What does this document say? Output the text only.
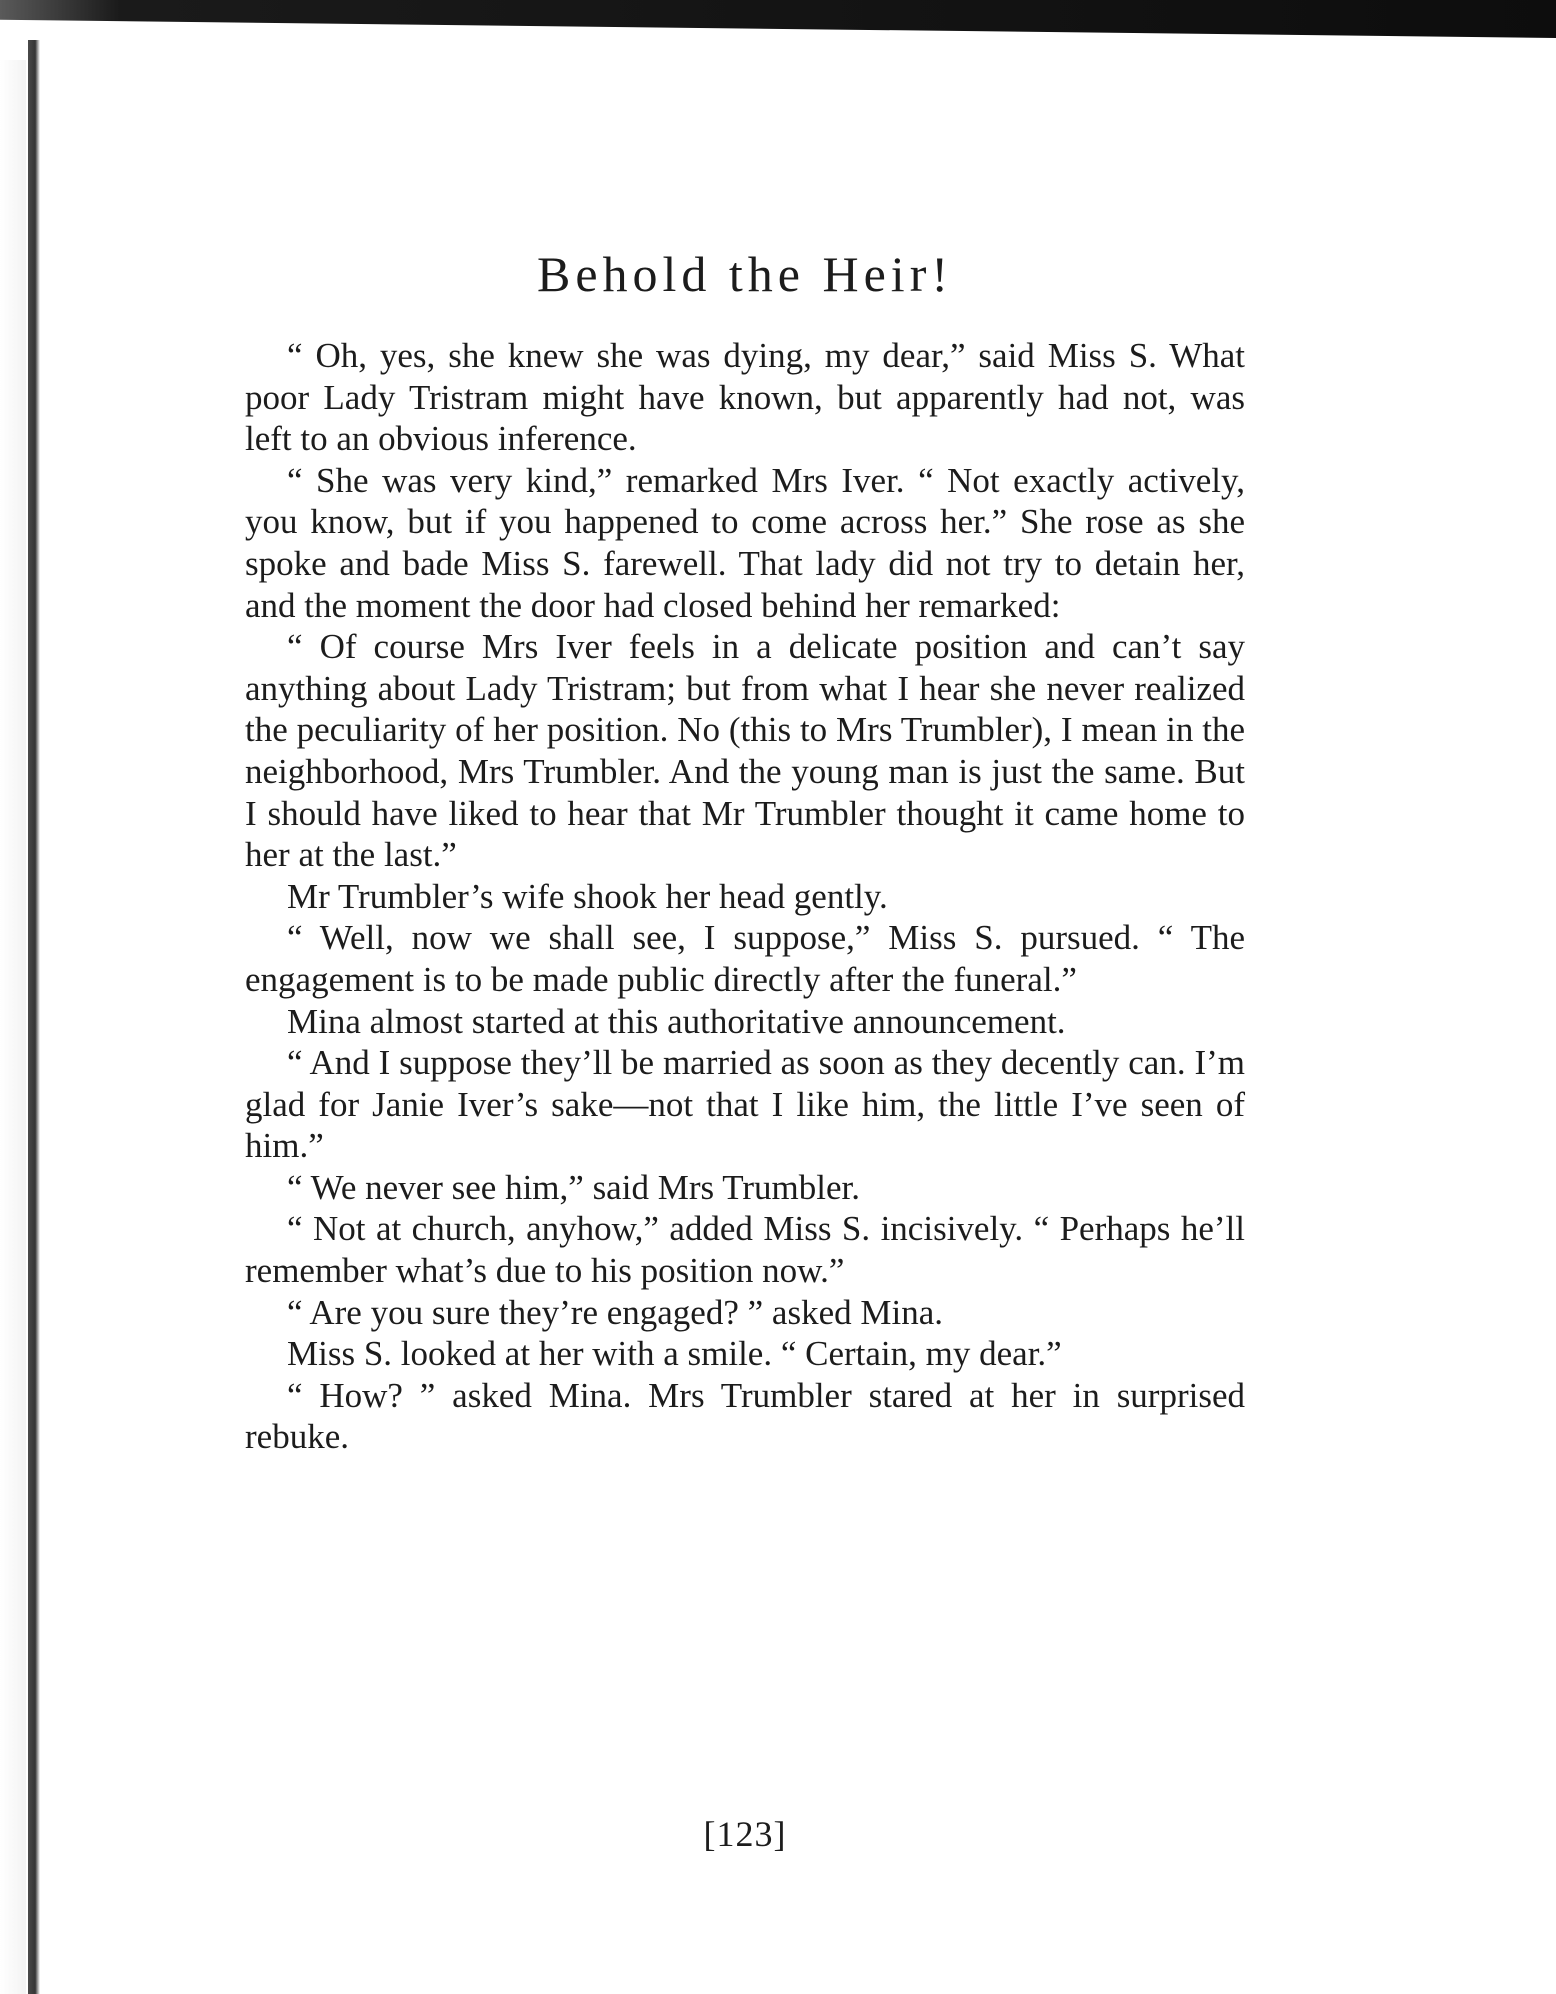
Behold the Heir!

“ Oh, yes, she knew she was dying, my dear,” said Miss S. What poor Lady Tristram might have known, but apparently had not, was left to an obvious inference.

“ She was very kind,” remarked Mrs Iver. “ Not exactly actively, you know, but if you happened to come across her.” She rose as she spoke and bade Miss S. farewell. That lady did not try to detain her, and the moment the door had closed behind her remarked:

“ Of course Mrs Iver feels in a delicate position and can’t say anything about Lady Tristram; but from what I hear she never realized the peculiarity of her position. No (this to Mrs Trumbler), I mean in the neighborhood, Mrs Trumbler. And the young man is just the same. But I should have liked to hear that Mr Trumbler thought it came home to her at the last.”

Mr Trumbler’s wife shook her head gently.

“ Well, now we shall see, I suppose,” Miss S. pursued. “ The engagement is to be made public directly after the funeral.”

Mina almost started at this authoritative announcement.

“ And I suppose they’ll be married as soon as they decently can. I’m glad for Janie Iver’s sake—not that I like him, the little I’ve seen of him.”

“ We never see him,” said Mrs Trumbler.

“ Not at church, anyhow,” added Miss S. incisively. “ Perhaps he’ll remember what’s due to his position now.”

“ Are you sure they’re engaged? ” asked Mina.

Miss S. looked at her with a smile. “ Certain, my dear.”

“ How? ” asked Mina. Mrs Trumbler stared at her in surprised rebuke.

[123]
